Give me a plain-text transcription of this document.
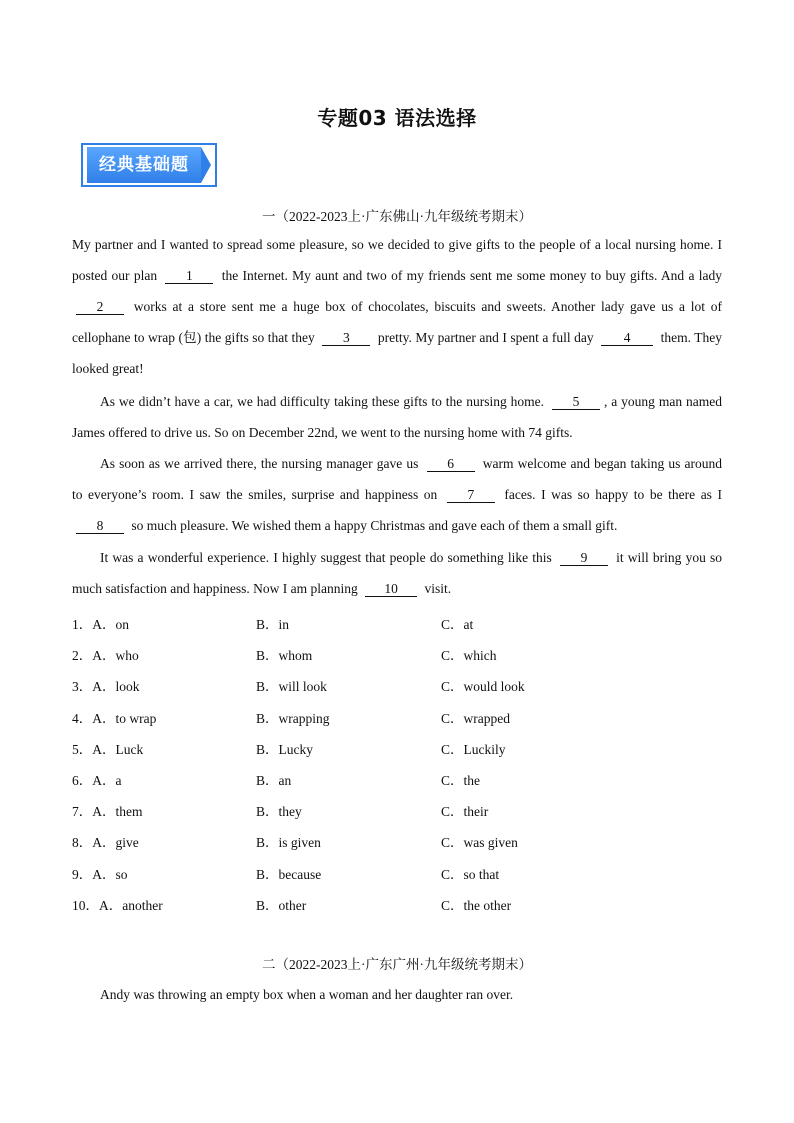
专题03 语法选择
经典基础题
一（2022-2023上·广东佛山·九年级统考期末）
My partner and I wanted to spread some pleasure, so we decided to give gifts to the people of a local nursing home. I posted our plan 1 the Internet. My aunt and two of my friends sent me some money to buy gifts. And a lady 2 works at a store sent me a huge box of chocolates, biscuits and sweets. Another lady gave us a lot of cellophane to wrap (包) the gifts so that they 3 pretty. My partner and I spent a full day 4 them. They looked great!
As we didn’t have a car, we had difficulty taking these gifts to the nursing home. 5 , a young man named James offered to drive us. So on December 22nd, we went to the nursing home with 74 gifts.
As soon as we arrived there, the nursing manager gave us 6 warm welcome and began taking us around to everyone’s room. I saw the smiles, surprise and happiness on 7 faces. I was so happy to be there as I 8 so much pleasure. We wished them a happy Christmas and gave each of them a small gift.
It was a wonderful experience. I highly suggest that people do something like this 9 it will bring you so much satisfaction and happiness. Now I am planning 10 visit.
1．A．on	B．in	C．at
2．A．who	B．whom	C．which
3．A．look	B．will look	C．would look
4．A．to wrap	B．wrapping	C．wrapped
5．A．Luck	B．Lucky	C．Luckily
6．A．a	B．an	C．the
7．A．them	B．they	C．their
8．A．give	B．is given	C．was given
9．A．so	B．because	C．so that
10．A．another	B．other	C．the other
二（2022-2023上·广东广州·九年级统考期末）
Andy was throwing an empty box when a woman and her daughter ran over.
